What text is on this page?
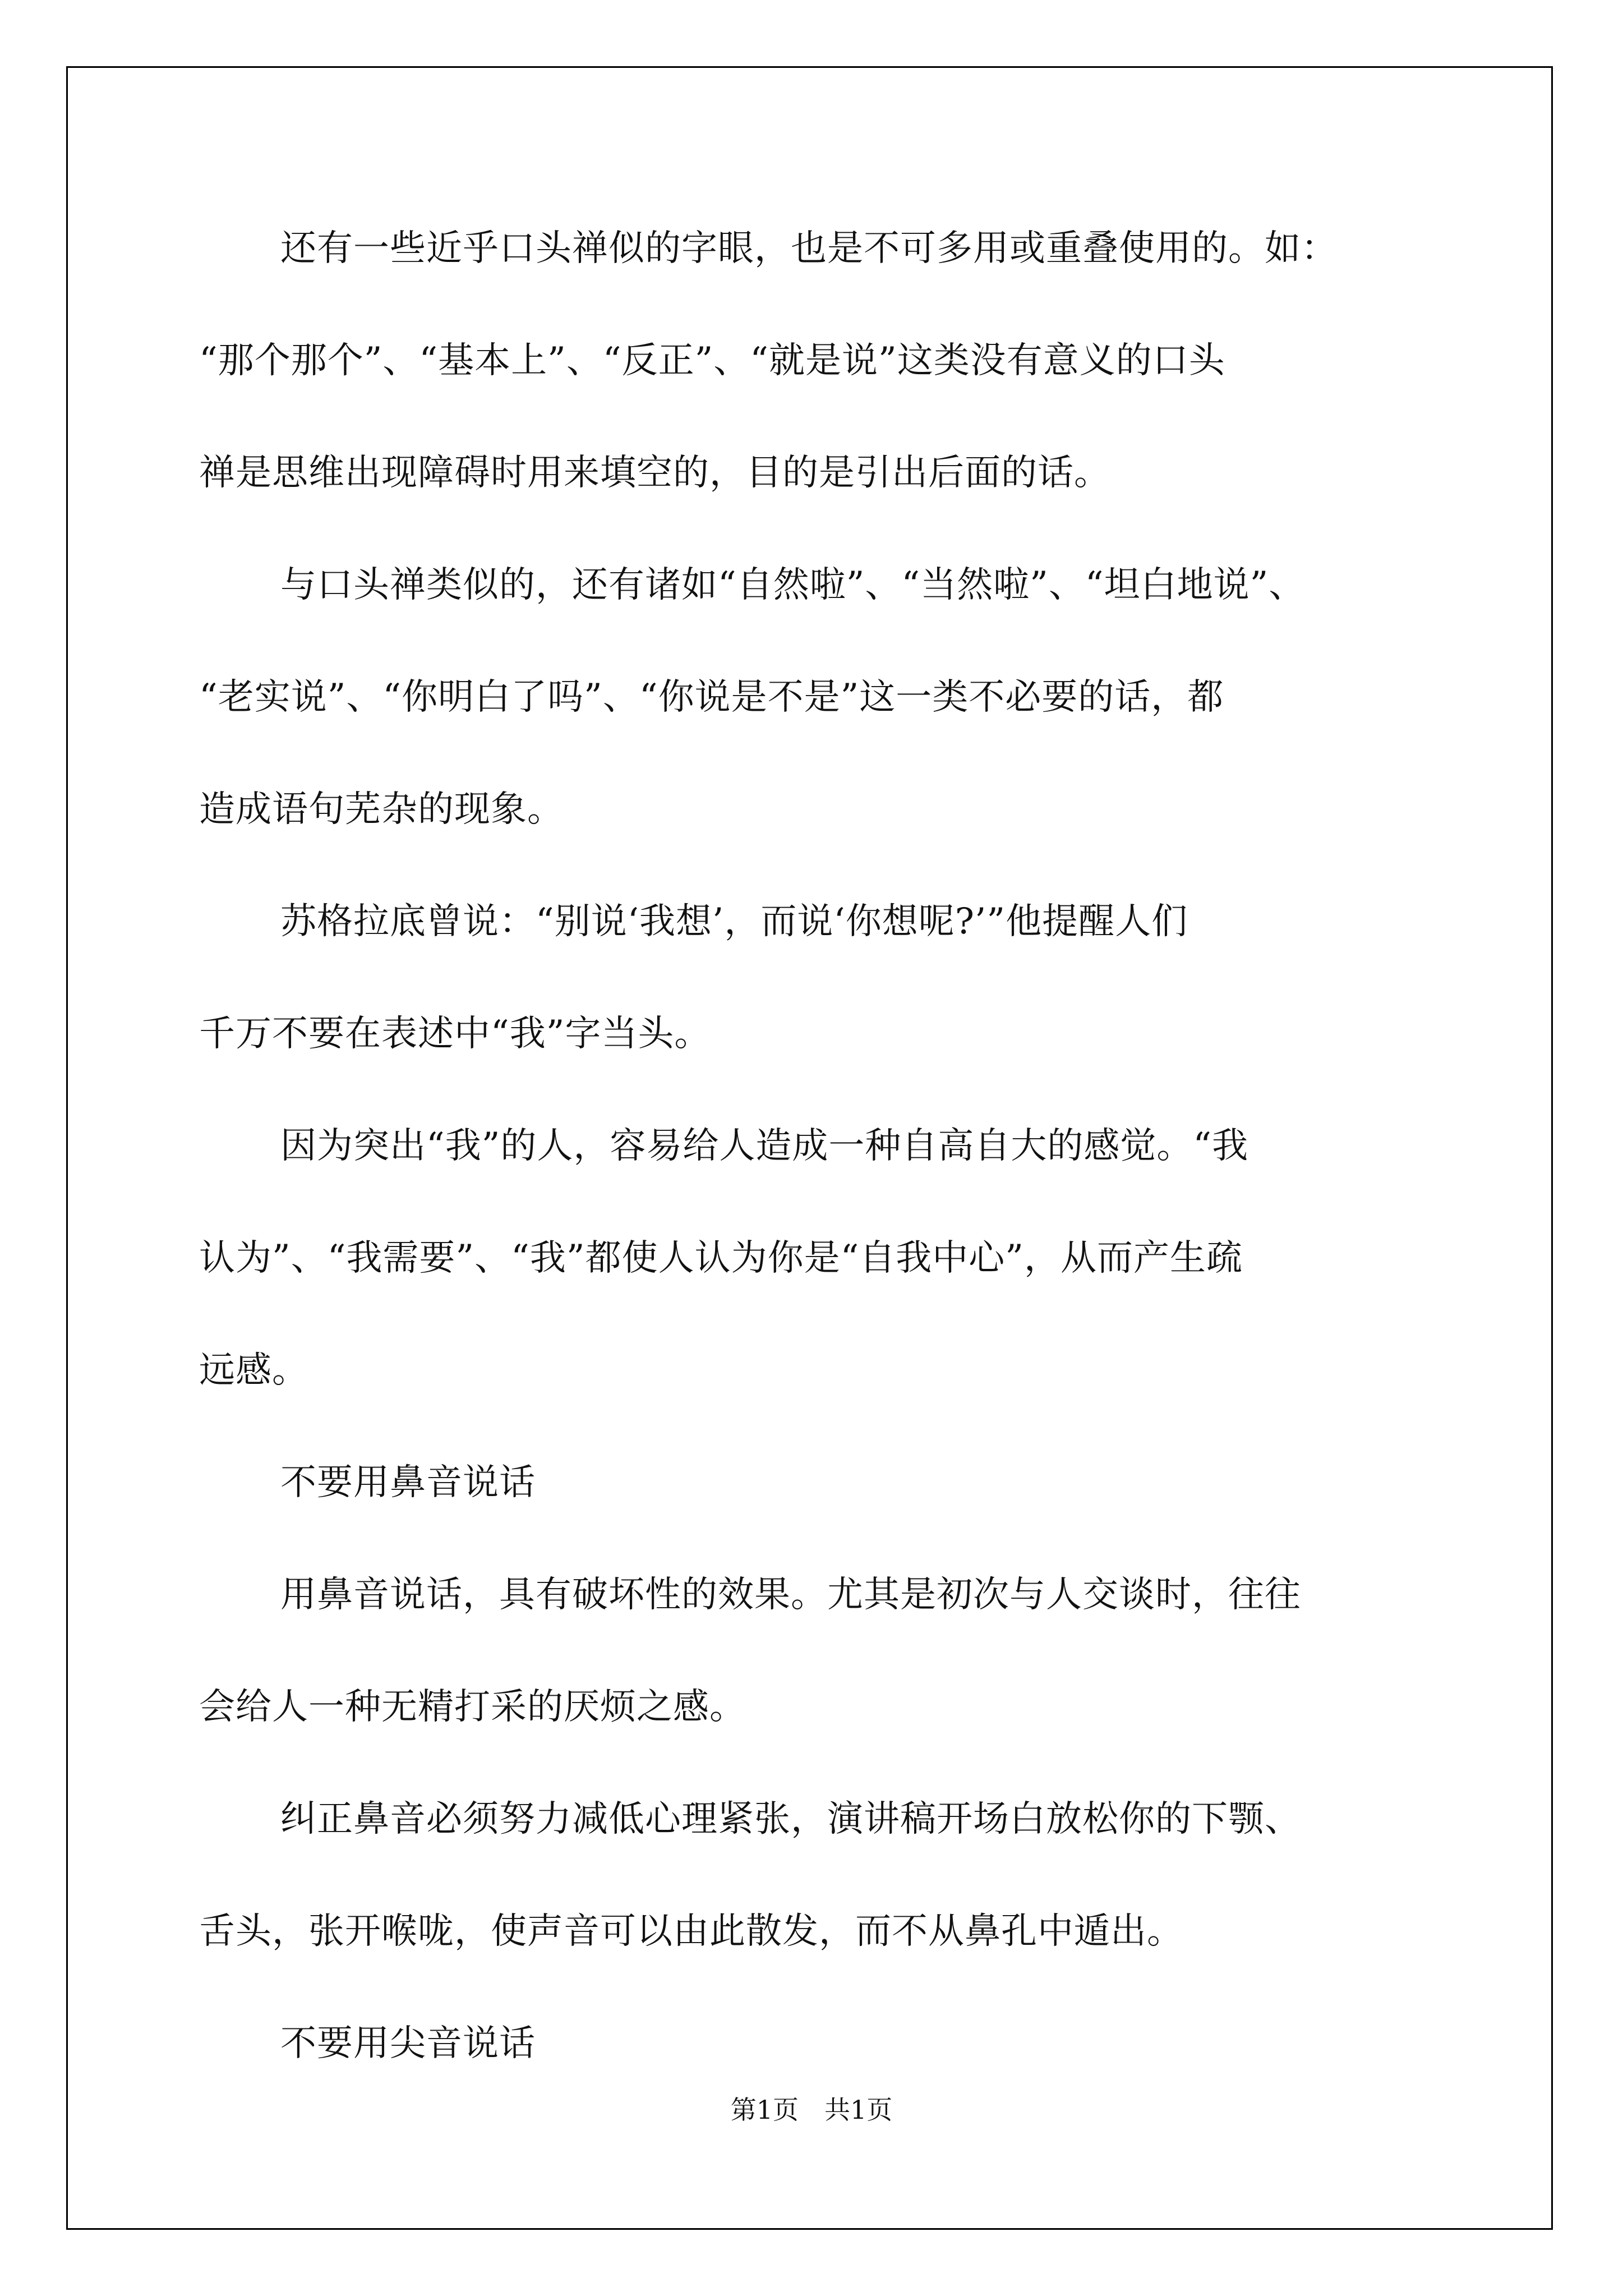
还有一些近乎口头禅似的字眼，也是不可多用或重叠使用的。如：
“那个那个”、“基本上”、“反正”、“就是说”这类没有意义的口头
禅是思维出现障碍时用来填空的，目的是引出后面的话。
与口头禅类似的，还有诸如“自然啦”、“当然啦”、“坦白地说”、
“老实说”、“你明白了吗”、“你说是不是”这一类不必要的话，都
造成语句芜杂的现象。
苏格拉底曾说：“别说‘我想’，而说‘你想呢?’”他提醒人们
千万不要在表述中“我”字当头。
因为突出“我”的人，容易给人造成一种自高自大的感觉。“我
认为”、“我需要”、“我”都使人认为你是“自我中心”，从而产生疏
远感。
不要用鼻音说话
用鼻音说话，具有破坏性的效果。尤其是初次与人交谈时，往往
会给人一种无精打采的厌烦之感。
纠正鼻音必须努力减低心理紧张，演讲稿开场白放松你的下颚、
舌头，张开喉咙，使声音可以由此散发，而不从鼻孔中遁出。
不要用尖音说话
第1页　共1页
